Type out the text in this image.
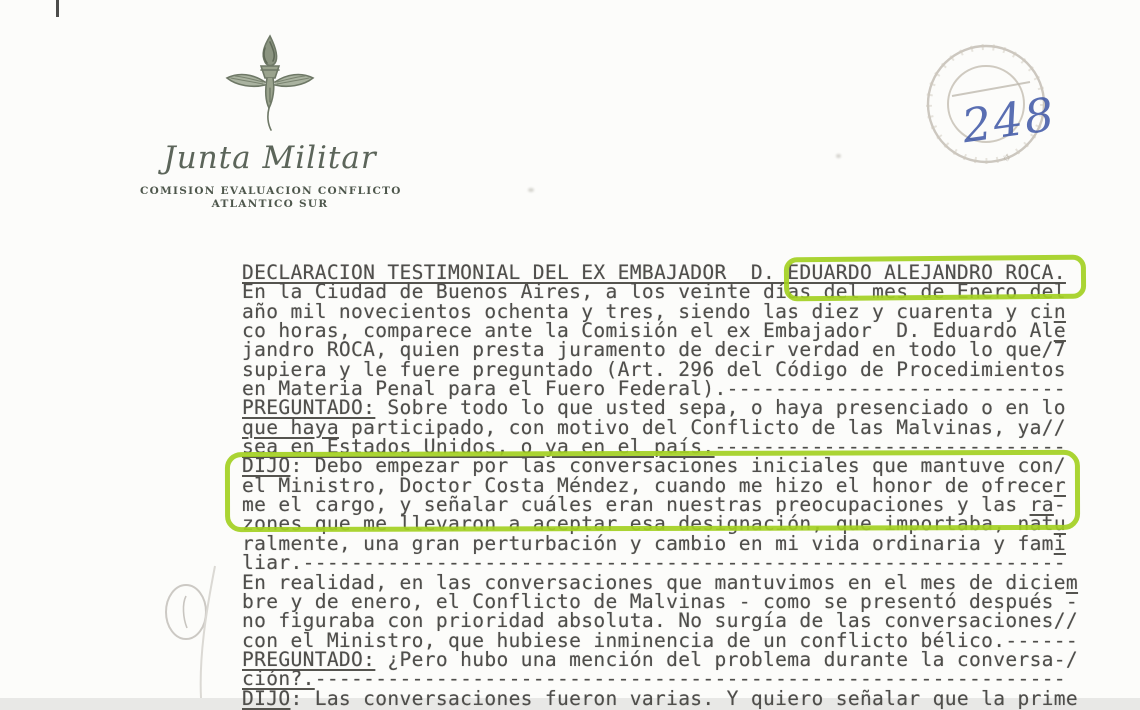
Junta Militar
COMISION EVALUACION CONFLICTO
ATLANTICO SUR
✩
248
DECLARACION TESTIMONIAL DEL EX EMBAJADOR  D. EDUARDO ALEJANDRO ROCA.
En la Ciudad de Buenos Aires, a los veinte días del mes de Enero del
año mil novecientos ochenta y tres, siendo las diez y cuarenta y cin
co horas, comparece ante la Comisión el ex Embajador  D. Eduardo Ale
jandro ROCA, quien presta juramento de decir verdad en todo lo que/7
supiera y le fuere preguntado (Art. 296 del Código de Procedimientos
en Materia Penal para el Fuero Federal).----------------------------
PREGUNTADO: Sobre todo lo que usted sepa, o haya presenciado o en lo
que haya participado, con motivo del Conflicto de las Malvinas, ya//
sea en Estados Unidos, o ya en el país.-----------------------------
DIJO: Debo empezar por las conversaciones iniciales que mantuve con/
el Ministro, Doctor Costa Méndez, cuando me hizo el honor de ofrecer
me el cargo, y señalar cuáles eran nuestras preocupaciones y las ra-
zones que me llevaron a aceptar esa designación, que importaba, natu
ralmente, una gran perturbación y cambio en mi vida ordinaria y fami
liar.---------------------------------------------------------------
En realidad, en las conversaciones que mantuvimos en el mes de diciem
bre y de enero, el Conflicto de Malvinas - como se presentó después -
no figuraba con prioridad absoluta. No surgía de las conversaciones//
con el Ministro, que hubiese inminencia de un conflicto bélico.------
PREGUNTADO: ¿Pero hubo una mención del problema durante la conversa-/
ción?.--------------------------------------------------------------
DIJO: Las conversaciones fueron varias. Y quiero señalar que la prime
